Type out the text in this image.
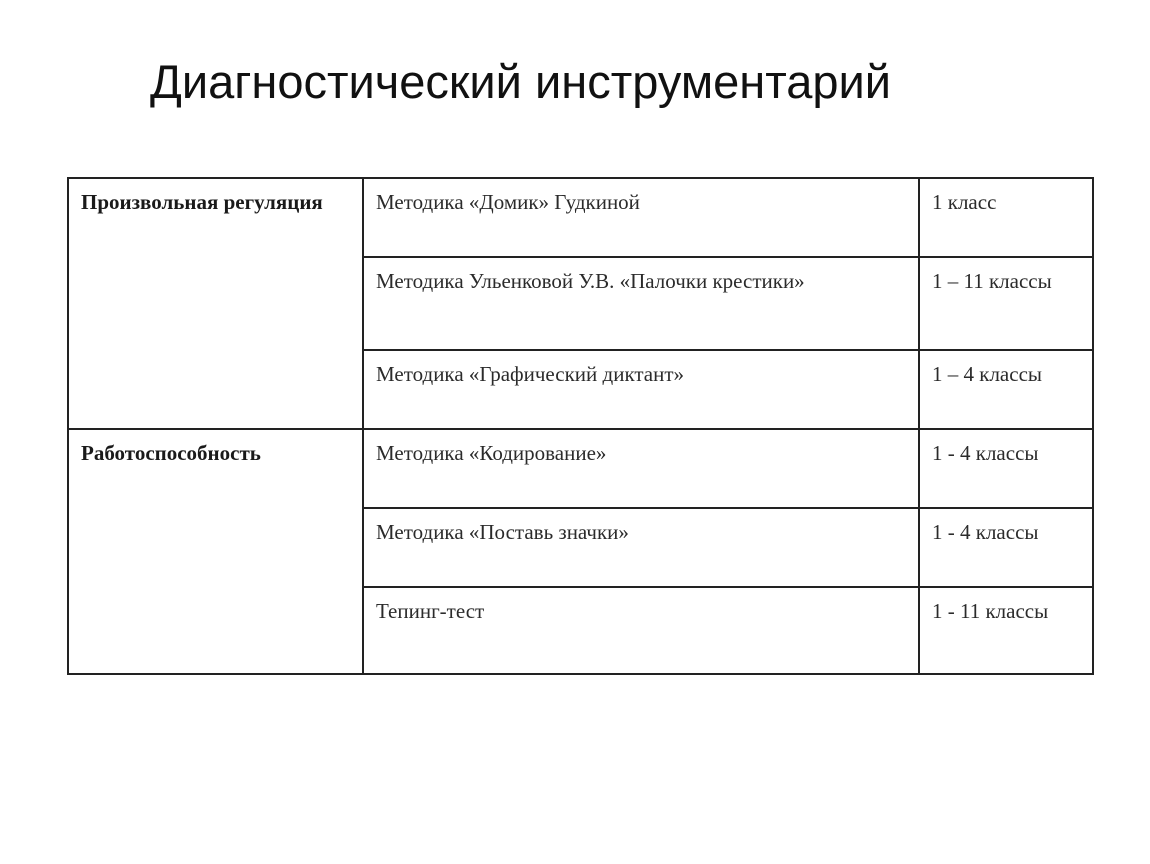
Диагностический инструментарий
Произвольная регуляция	Методика «Домик» Гудкиной	1 класс
	Методика Ульенковой У.В. «Палочки крестики»	1 – 11 классы
	Методика «Графический диктант»	1 – 4 классы
Работоспособность	Методика «Кодирование»	1 - 4 классы
	Методика «Поставь значки»	1 - 4 классы
	Тепинг-тест	1 - 11 классы
